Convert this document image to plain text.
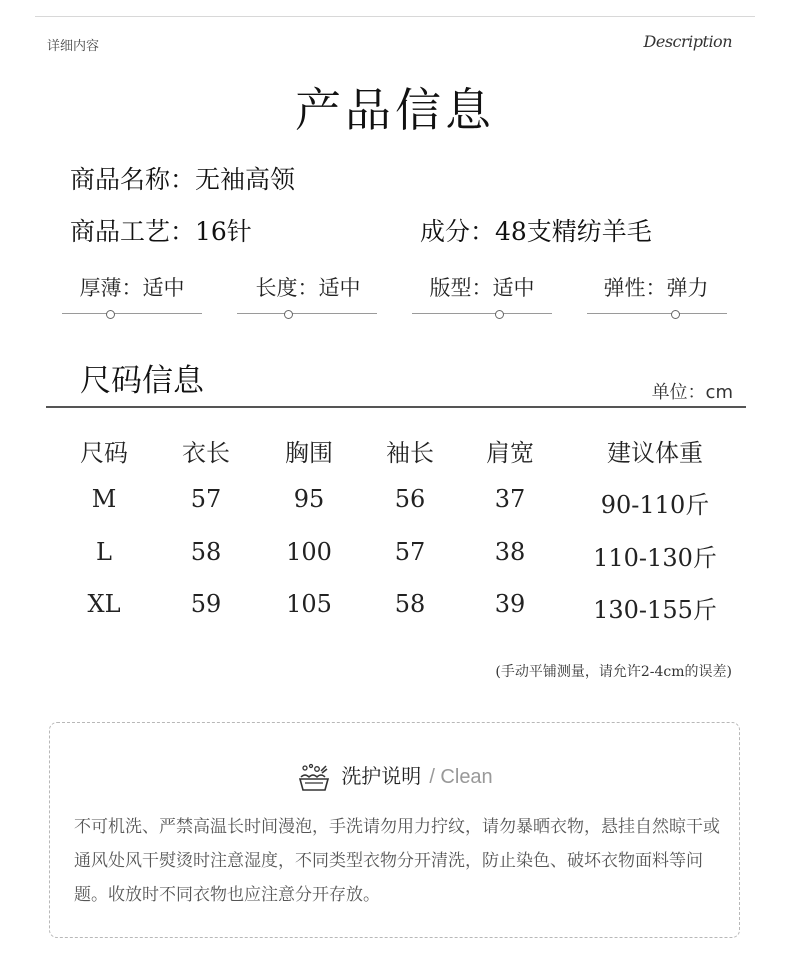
详细内容	Description
产品信息
商品名称：无袖高领
商品工艺：16针	成分：48支精纺羊毛
厚薄：适中	长度：适中	版型：适中	弹性：弹力
尺码信息	单位：cm
尺码	衣长	胸围	袖长	肩宽	建议体重
M	57	95	56	37	90-110斤
L	58	100	57	38	110-130斤
XL	59	105	58	39	130-155斤
(手动平铺测量，请允许2-4cm的误差)
洗护说明 / Clean
不可机洗、严禁高温长时间漫泡，手洗请勿用力拧纹，请勿暴晒衣物，悬挂自然晾干或通风处风干熨烫时注意湿度，不同类型衣物分开清洗，防止染色、破坏衣物面料等问题。收放时不同衣物也应注意分开存放。
